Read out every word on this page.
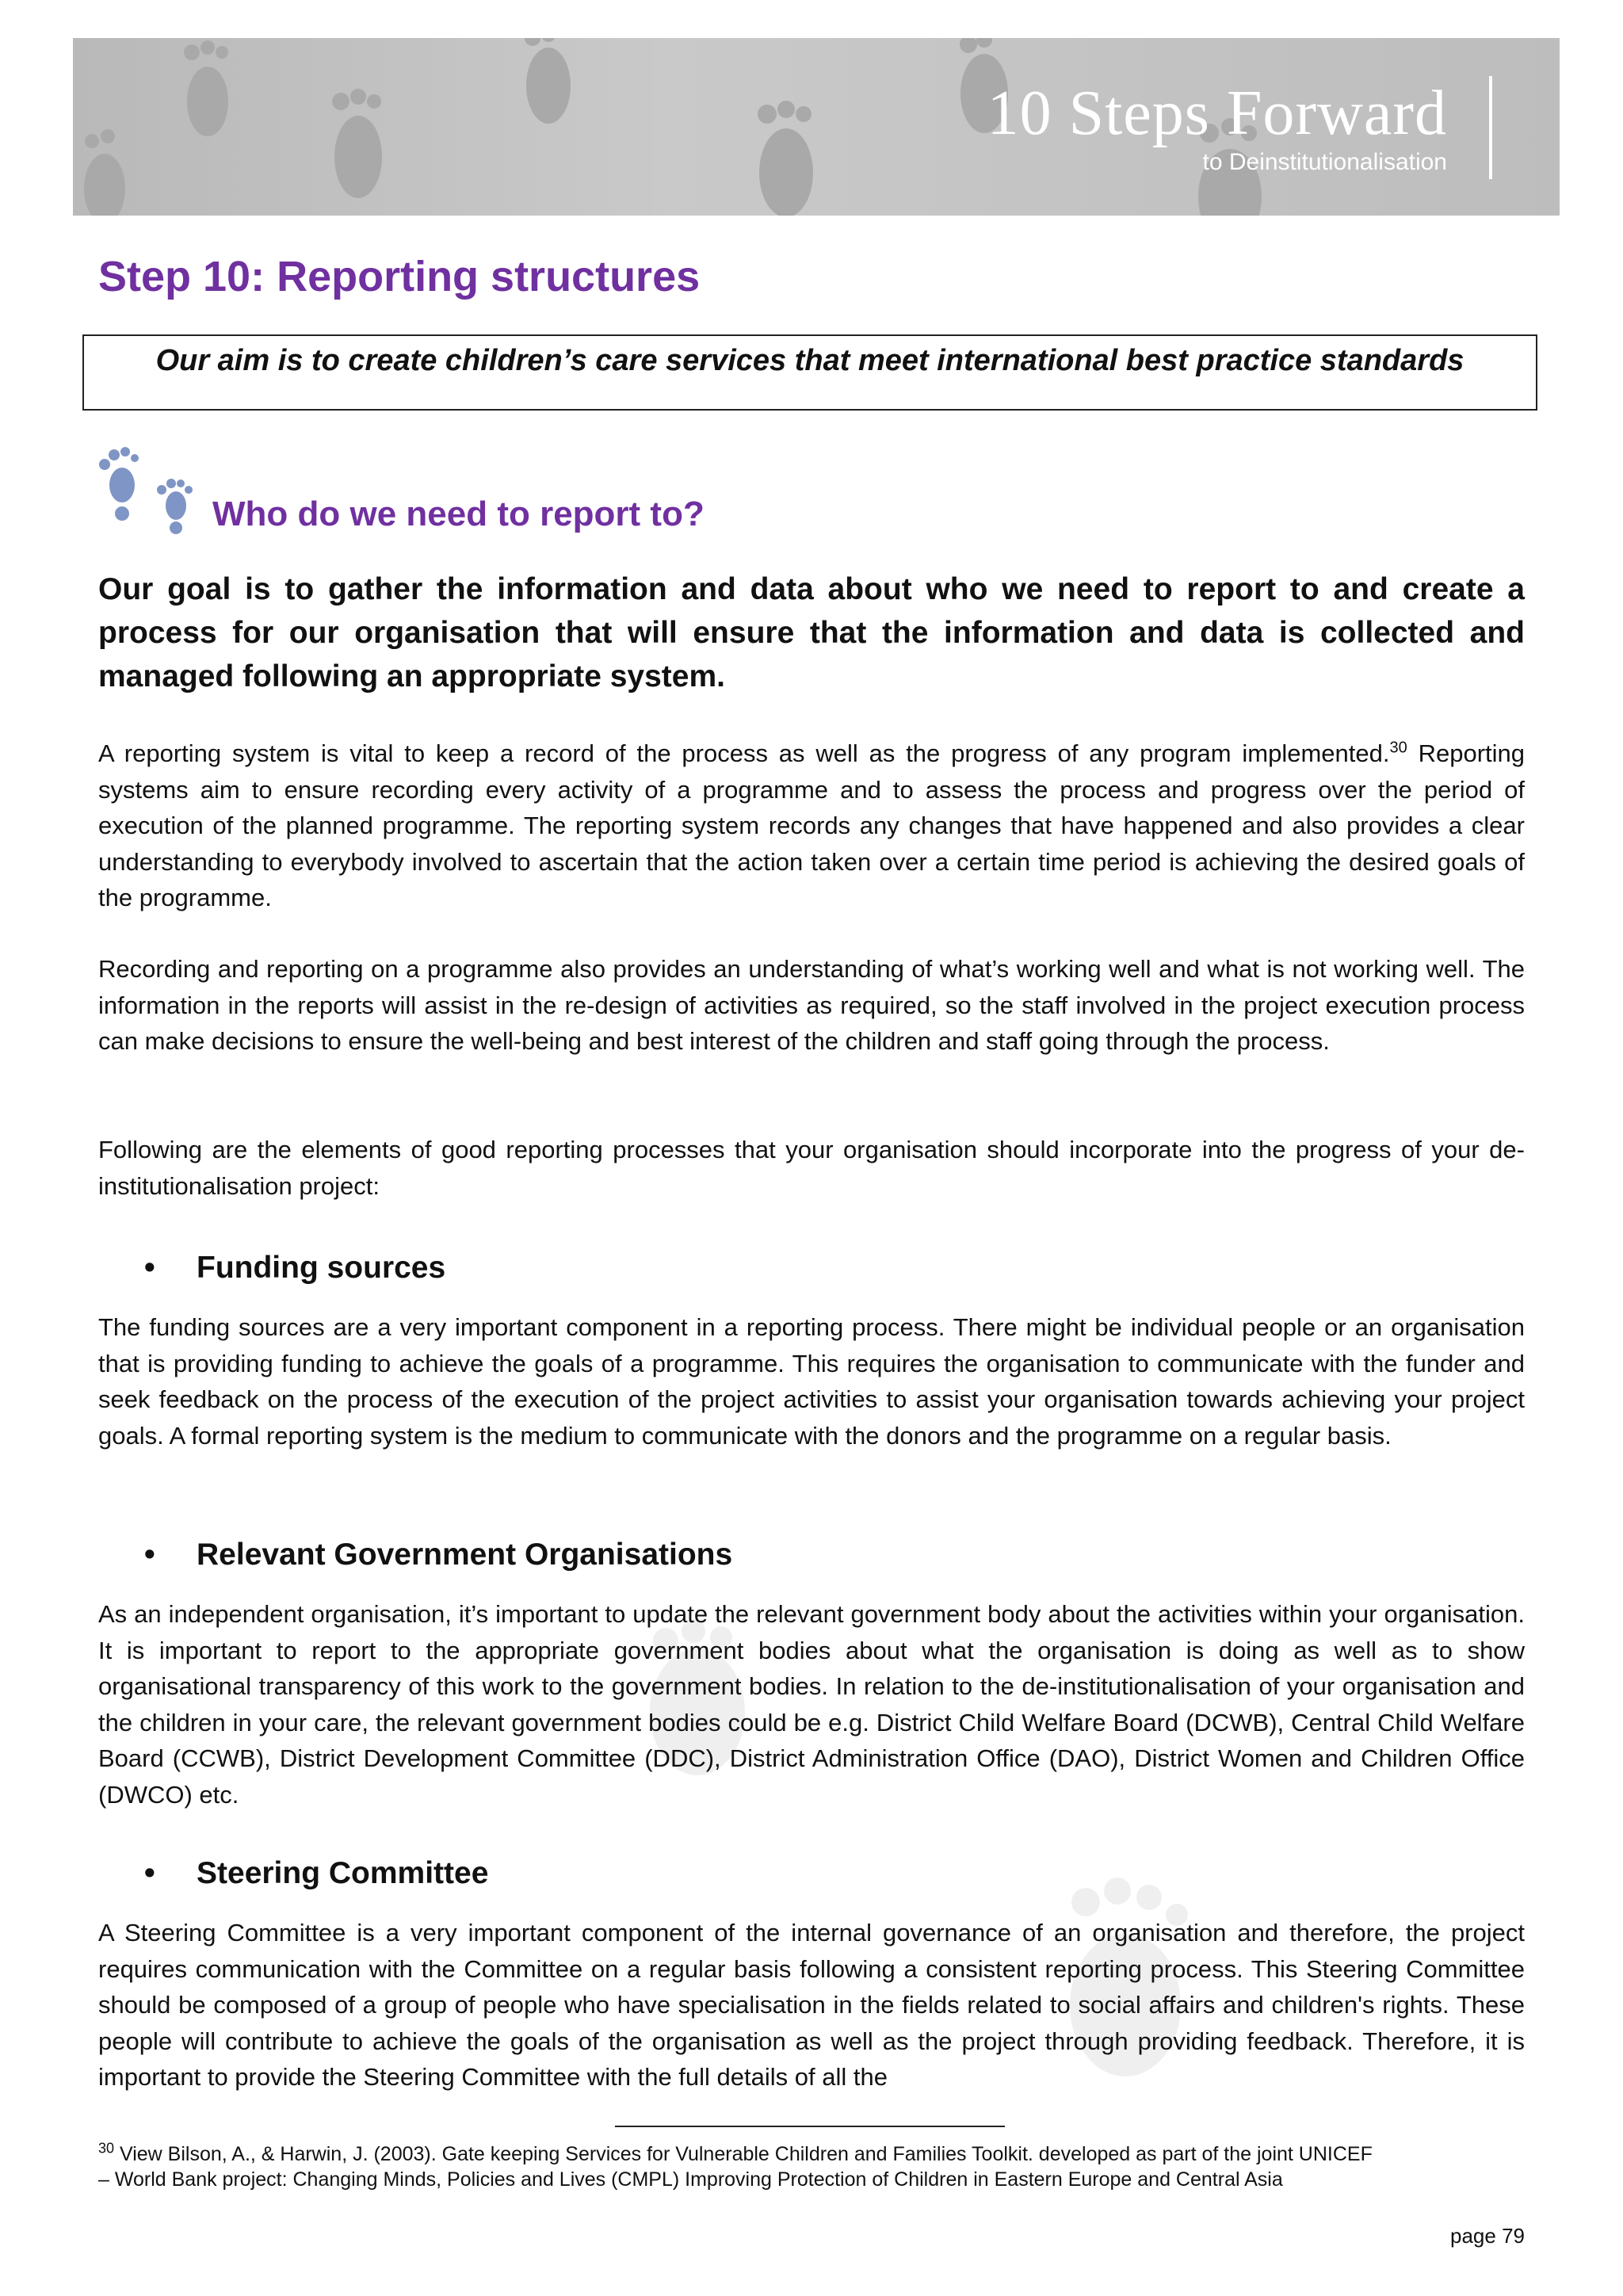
10 Steps Forward
to Deinstitutionalisation
Step 10: Reporting structures
Our aim is to create children’s care services that meet international best practice standards
Who do we need to report to?

Our goal is to gather the information and data about who we need to report to and create a process for our organisation that will ensure that the information and data is collected and managed following an appropriate system.

A reporting system is vital to keep a record of the process as well as the progress of any program implemented.$^{30}$ Reporting systems aim to ensure recording every activity of a programme and to assess the process and progress over the period of execution of the planned programme. The reporting system records any changes that have happened and also provides a clear understanding to everybody involved to ascertain that the action taken over a certain time period is achieving the desired goals of the programme.

Recording and reporting on a programme also provides an understanding of what’s working well and what is not working well. The information in the reports will assist in the re-design of activities as required, so the staff involved in the project execution process can make decisions to ensure the well-being and best interest of the children and staff going through the process.

Following are the elements of good reporting processes that your organisation should incorporate into the progress of your de-institutionalisation project:

• Funding sources

The funding sources are a very important component in a reporting process. There might be individual people or an organisation that is providing funding to achieve the goals of a programme. This requires the organisation to communicate with the funder and seek feedback on the process of the execution of the project activities to assist your organisation towards achieving your project goals. A formal reporting system is the medium to communicate with the donors and the programme on a regular basis.

• Relevant Government Organisations

As an independent organisation, it’s important to update the relevant government body about the activities within your organisation. It is important to report to the appropriate government bodies about what the organisation is doing as well as to show organisational transparency of this work to the government bodies. In relation to the de-institutionalisation of your organisation and the children in your care, the relevant government bodies could be e.g. District Child Welfare Board (DCWB), Central Child Welfare Board (CCWB), District Development Committee (DDC), District Administration Office (DAO), District Women and Children Office (DWCO) etc.

• Steering Committee

A Steering Committee is a very important component of the internal governance of an organisation and therefore, the project requires communication with the Committee on a regular basis following a consistent reporting process. This Steering Committee should be composed of a group of people who have specialisation in the fields related to social affairs and children's rights. These people will contribute to achieve the goals of the organisation as well as the project through providing feedback. Therefore, it is important to provide the Steering Committee with the full details of all the

$^{30}$ View Bilson, A., & Harwin, J. (2003). Gate keeping Services for Vulnerable Children and Families Toolkit. developed as part of the joint UNICEF
– World Bank project: Changing Minds, Policies and Lives (CMPL) Improving Protection of Children in Eastern Europe and Central Asia

page 79
